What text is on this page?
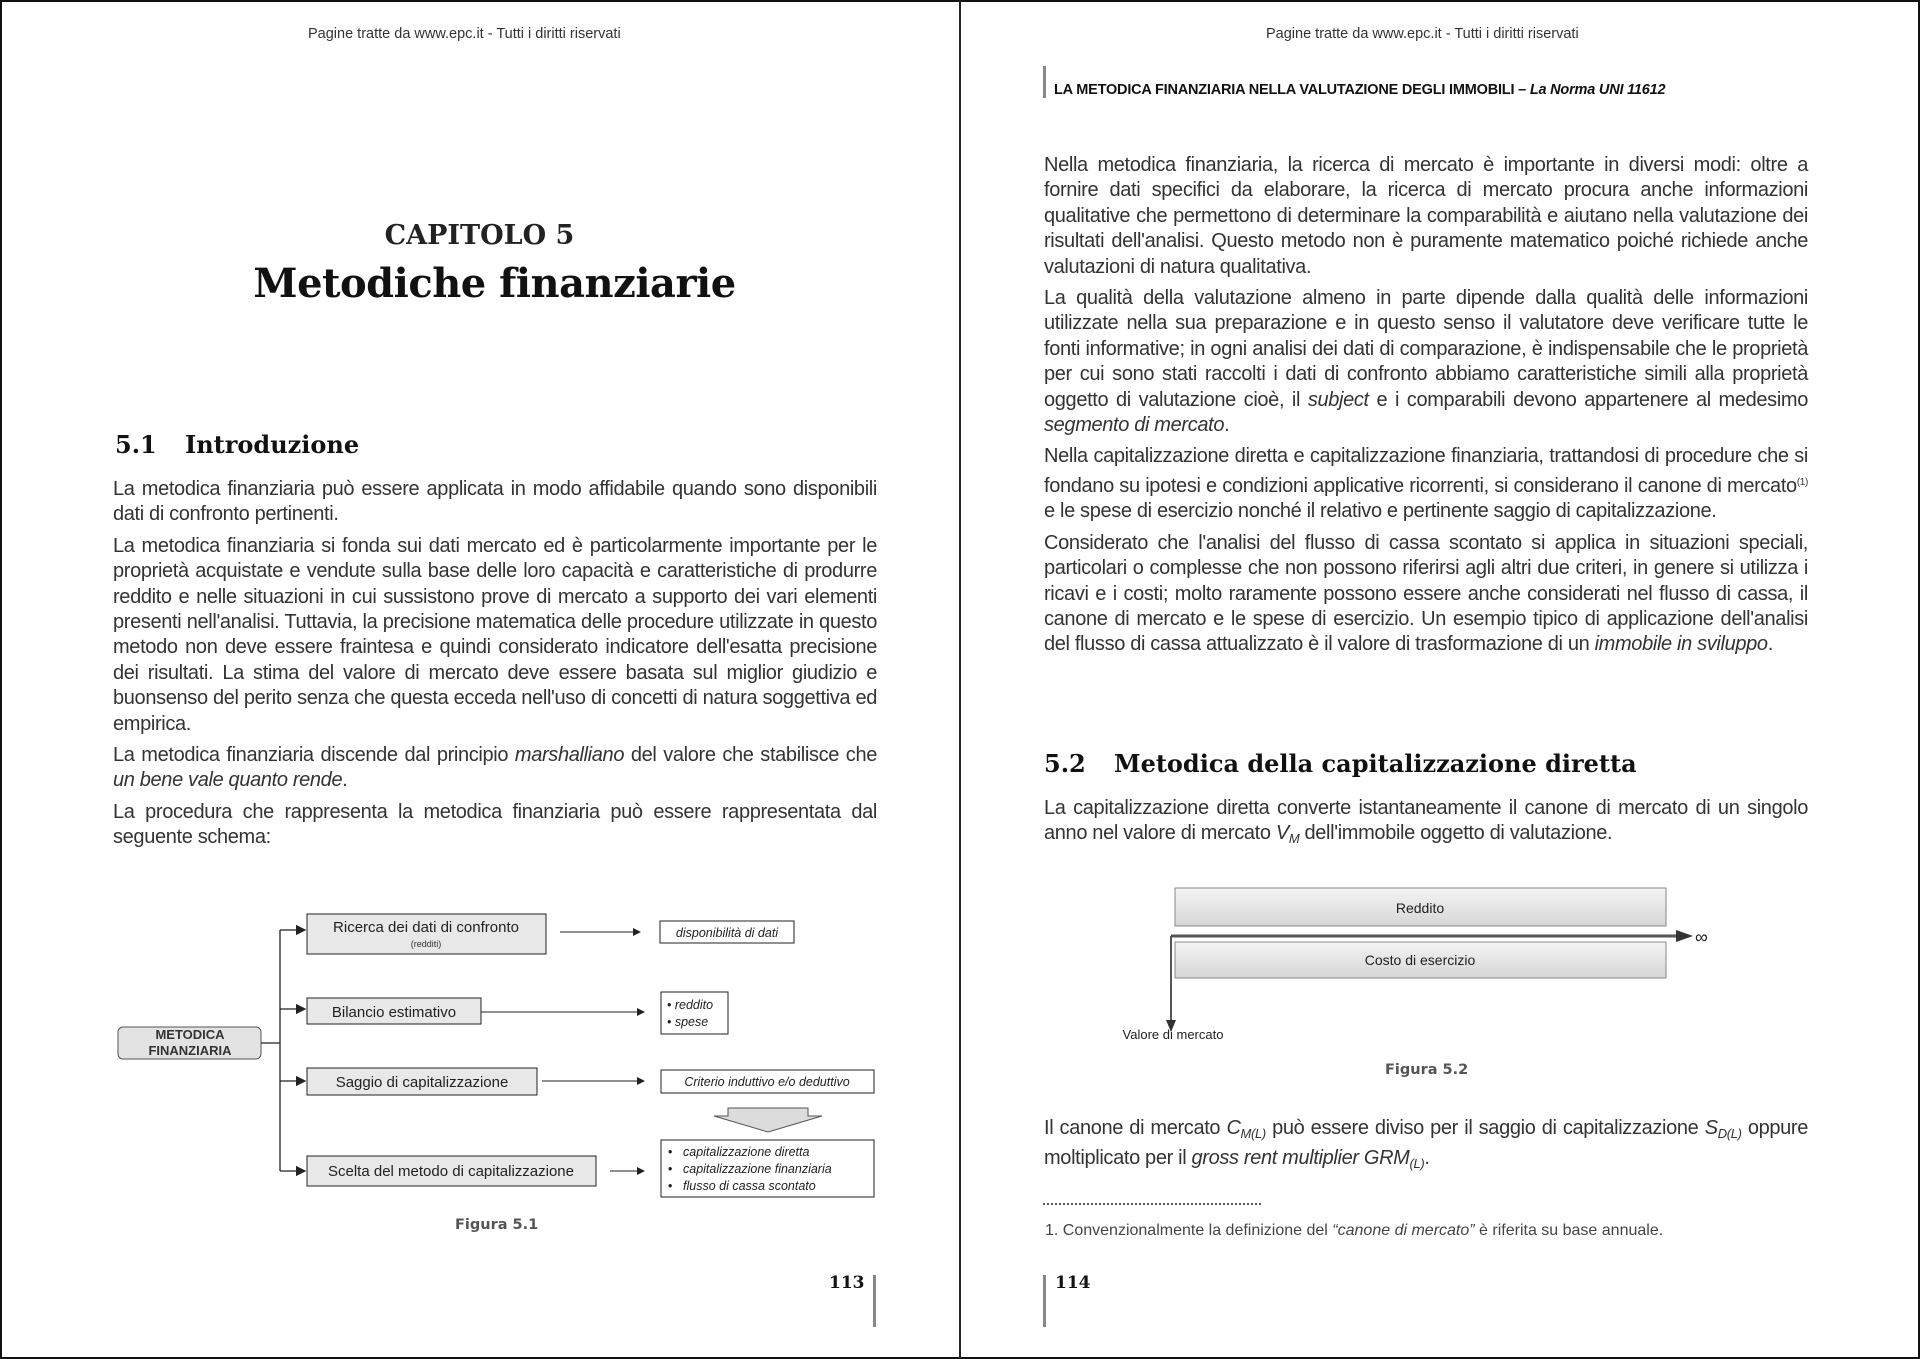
Pagine tratte da www.epc.it - Tutti i diritti riservati
CAPITOLO 5
Metodiche finanziarie
5.1 Introduzione

La metodica finanziaria può essere applicata in modo affidabile quando sono disponibili dati di confronto pertinenti.

La metodica finanziaria si fonda sui dati mercato ed è particolarmente importante per le proprietà acquistate e vendute sulla base delle loro capacità e caratteristiche di produrre reddito e nelle situazioni in cui sussistono prove di mercato a supporto dei vari elementi presenti nell'analisi. Tuttavia, la precisione matematica delle procedure utilizzate in questo metodo non deve essere fraintesa e quindi considerato indicatore dell'esatta precisione dei risultati. La stima del valore di mercato deve essere basata sul miglior giudizio e buonsenso del perito senza che questa ecceda nell'uso di concetti di natura soggettiva ed empirica.

La metodica finanziaria discende dal principio marshalliano del valore che stabilisce che un bene vale quanto rende.

La procedura che rappresenta la metodica finanziaria può essere rappresentata dal seguente schema:

METODICA
FINANZIARIA
Ricerca dei dati di confronto
(redditi)
disponibilità di dati
Bilancio estimativo	• reddito
• spese
Saggio di capitalizzazione	Criterio induttivo e/o deduttivo
Scelta del metodo di capitalizzazione
• capitalizzazione diretta
• capitalizzazione finanziaria
• flusso di cassa scontato
Figura 5.1
113
Pagine tratte da www.epc.it - Tutti i diritti riservati
LA METODICA FINANZIARIA NELLA VALUTAZIONE DEGLI IMMOBILI – La Norma UNI 11612

Nella metodica finanziaria, la ricerca di mercato è importante in diversi modi: oltre a fornire dati specifici da elaborare, la ricerca di mercato procura anche informazioni qualitative che permettono di determinare la comparabilità e aiutano nella valutazione dei risultati dell'analisi. Questo metodo non è puramente matematico poiché richiede anche valutazioni di natura qualitativa.

La qualità della valutazione almeno in parte dipende dalla qualità delle informazioni utilizzate nella sua preparazione e in questo senso il valutatore deve verificare tutte le fonti informative; in ogni analisi dei dati di comparazione, è indispensabile che le proprietà per cui sono stati raccolti i dati di confronto abbiamo caratteristiche simili alla proprietà oggetto di valutazione cioè, il subject e i comparabili devono appartenere al medesimo segmento di mercato.

Nella capitalizzazione diretta e capitalizzazione finanziaria, trattandosi di procedure che si fondano su ipotesi e condizioni applicative ricorrenti, si considerano il canone di mercato$^{(1)}$ e le spese di esercizio nonché il relativo e pertinente saggio di capitalizzazione.

Considerato che l'analisi del flusso di cassa scontato si applica in situazioni speciali, particolari o complesse che non possono riferirsi agli altri due criteri, in genere si utilizza i ricavi e i costi; molto raramente possono essere anche considerati nel flusso di cassa, il canone di mercato e le spese di esercizio. Un esempio tipico di applicazione dell'analisi del flusso di cassa attualizzato è il valore di trasformazione di un immobile in sviluppo.

5.2 Metodica della capitalizzazione diretta

La capitalizzazione diretta converte istantaneamente il canone di mercato di un singolo anno nel valore di mercato $V_M$ dell'immobile oggetto di valutazione.

Reddito
∞
Costo di esercizio
Valore di mercato
Figura 5.2

Il canone di mercato $C_{M(L)}$ può essere diviso per il saggio di capitalizzazione $S_{D(L)}$ oppure moltiplicato per il gross rent multiplier $GRM_{(L)}$.

1. Convenzionalmente la definizione del “canone di mercato” è riferita su base annuale.
114
